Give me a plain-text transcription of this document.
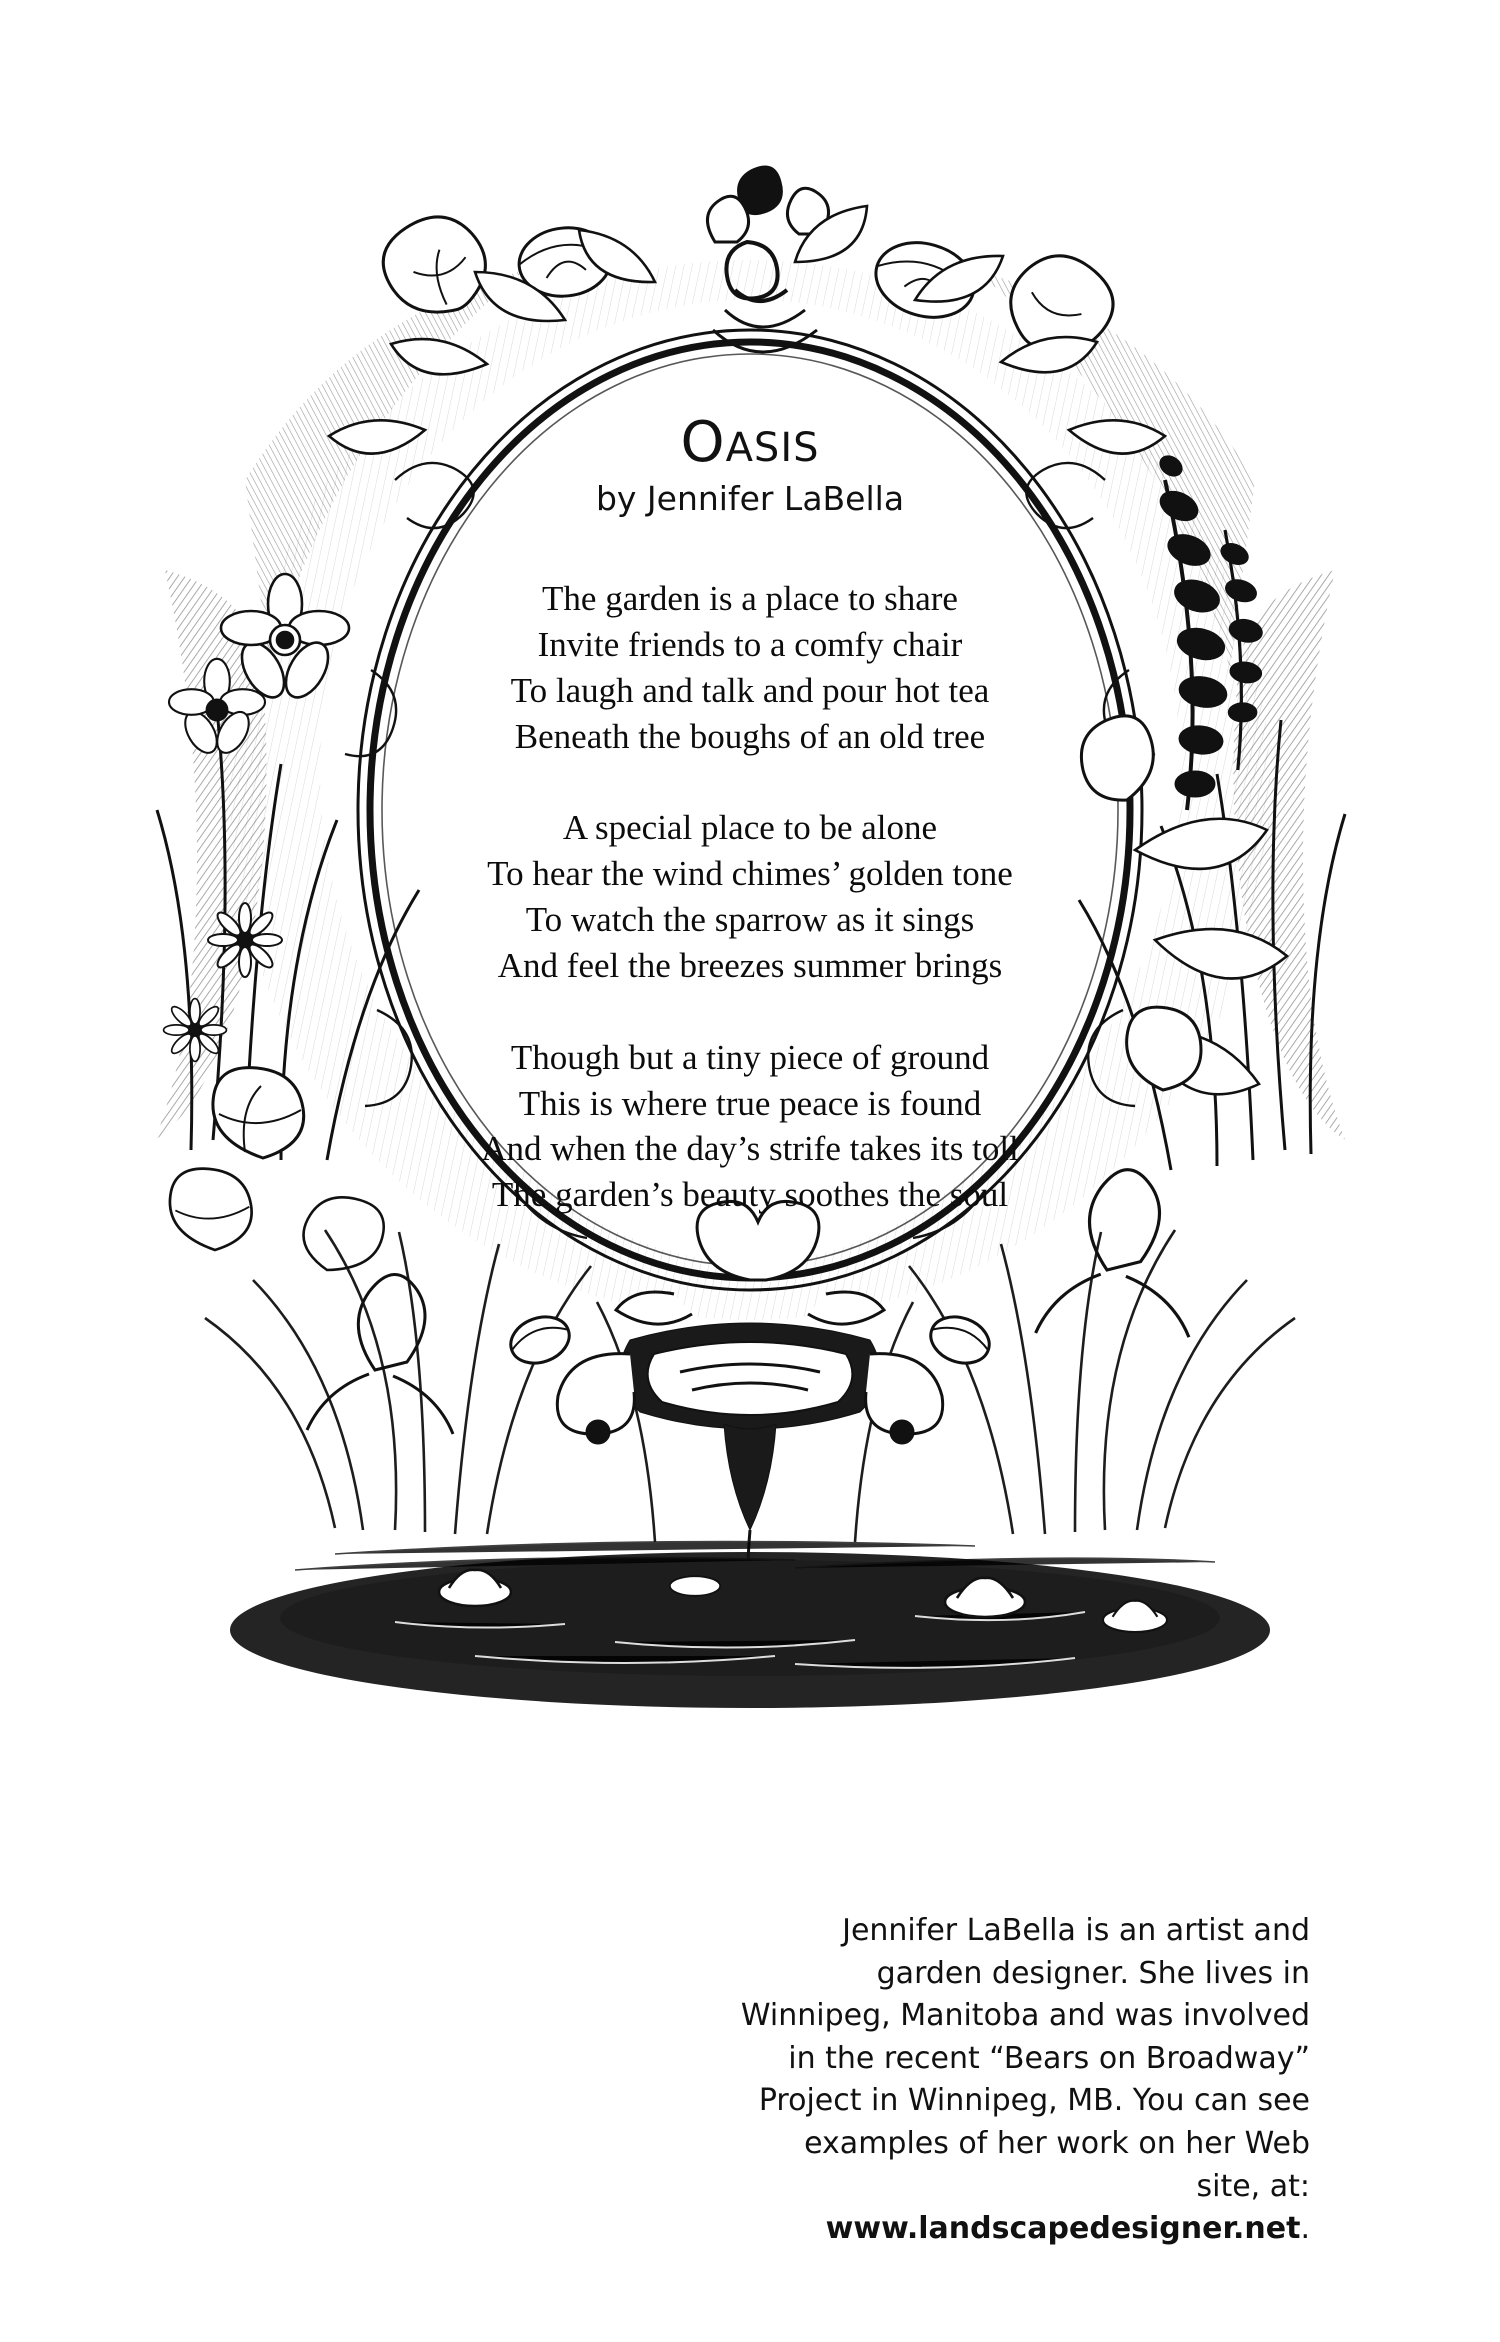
OASIS

by Jennifer LaBella

The garden is a place to share
Invite friends to a comfy chair
To laugh and talk and pour hot tea
Beneath the boughs of an old tree
A special place to be alone
To hear the wind chimes’ golden tone
To watch the sparrow as it sings
And feel the breezes summer brings
Though but a tiny piece of ground
This is where true peace is found
And when the day’s strife takes its toll
The garden’s beauty soothes the soul

Jennifer LaBella is an artist and garden designer. She lives in Winnipeg, Manitoba and was involved in the recent “Bears on Broadway” Project in Winnipeg, MB. You can see examples of her work on her Web site, at: www.landscapedesigner.net.
